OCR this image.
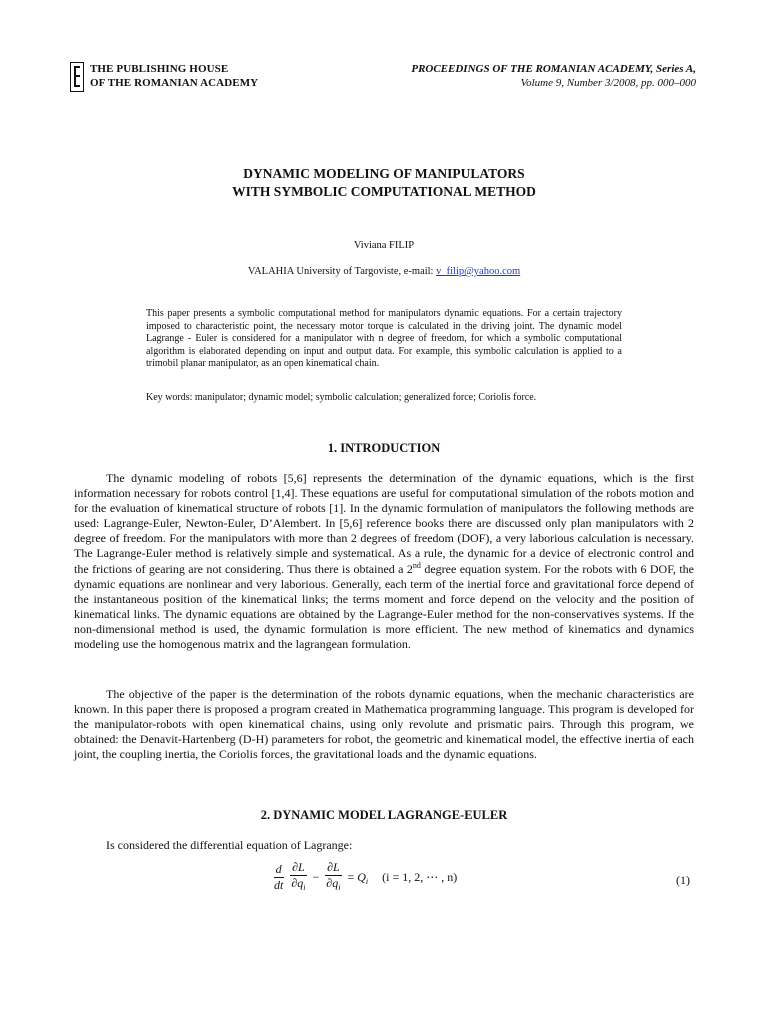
THE PUBLISHING HOUSE
OF THE ROMANIAN ACADEMY
PROCEEDINGS OF THE ROMANIAN ACADEMY, Series A,
Volume 9, Number 3/2008, pp. 000–000
DYNAMIC MODELING OF MANIPULATORS
WITH SYMBOLIC COMPUTATIONAL METHOD
Viviana FILIP
VALAHIA University of Targoviste, e-mail: v_filip@yahoo.com
This paper presents a symbolic computational method for manipulators dynamic equations. For a certain trajectory imposed to characteristic point, the necessary motor torque is calculated in the driving joint. The dynamic model Lagrange - Euler is considered for a manipulator with n degree of freedom, for which a symbolic computational algorithm is elaborated depending on input and output data. For example, this symbolic calculation is applied to a trimobil planar manipulator, as an open kinematical chain.
Key words: manipulator; dynamic model; symbolic calculation; generalized force; Coriolis force.
1. INTRODUCTION

The dynamic modeling of robots [5,6] represents the determination of the dynamic equations, which is the first information necessary for robots control [1,4]. These equations are useful for computational simulation of the robots motion and for the evaluation of kinematical structure of robots [1]. In the dynamic formulation of manipulators the following methods are used: Lagrange-Euler, Newton-Euler, D’Alembert. In [5,6] reference books there are discussed only plan manipulators with 2 degree of freedom. For the manipulators with more than 2 degrees of freedom (DOF), a very laborious calculation is necessary. The Lagrange-Euler method is relatively simple and systematical. As a rule, the dynamic for a device of electronic control and the frictions of gearing are not considering. Thus there is obtained a 2nd degree equation system. For the robots with 6 DOF, the dynamic equations are nonlinear and very laborious. Generally, each term of the inertial force and gravitational force depend of the instantaneous position of the kinematical links; the terms moment and force depend on the velocity and the position of kinematical links. The dynamic equations are obtained by the Lagrange-Euler method for the non-conservatives systems. If the non-dimensional method is used, the dynamic formulation is more efficient. The new method of kinematics and dynamics modeling use the homogenous matrix and the lagrangean formulation.

The objective of the paper is the determination of the robots dynamic equations, when the mechanic characteristics are known. In this paper there is proposed a program created in Mathematica programming language. This program is developed for the manipulator-robots with open kinematical chains, using only revolute and prismatic pairs. Through this program, we obtained: the Denavit-Hartenberg (D-H) parameters for robot, the geometric and kinematical model, the effective inertia of each joint, the coupling inertia, the Coriolis forces, the gravitational loads and the dynamic equations.

2. DYNAMIC MODEL LAGRANGE-EULER
Is considered the differential equation of Lagrange:
$\frac{d}{dt} \frac{\partial L}{\partial q_i} - \frac{\partial L}{\partial q_i} = Q_i$ (i = 1, 2, ⋯ , n)	(1)
